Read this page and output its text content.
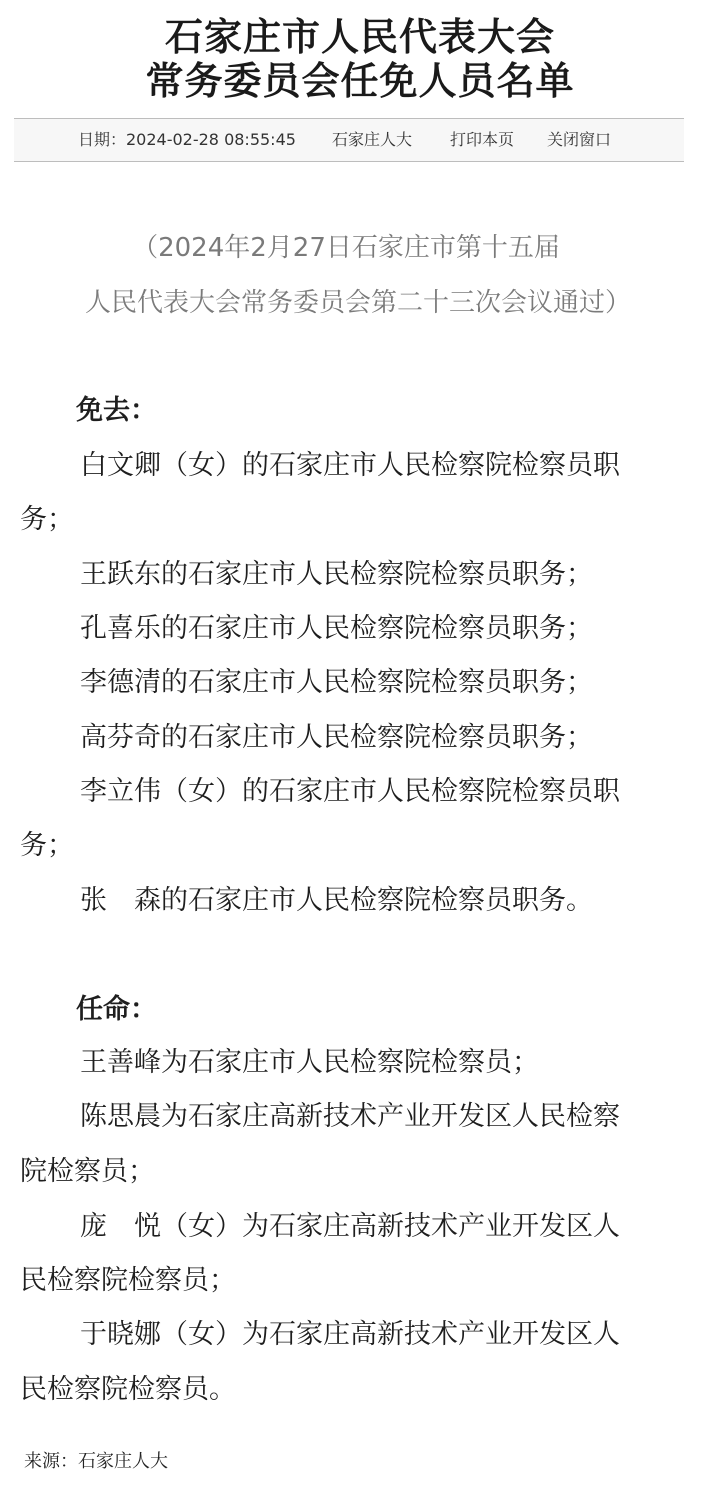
石家庄市人民代表大会
常务委员会任免人员名单
日期：2024-02-28 08:55:45 石家庄人大 打印本页 关闭窗口
（2024年2月27日石家庄市第十五届
人民代表大会常务委员会第二十三次会议通过）
免去：
白文卿（女）的石家庄市人民检察院检察员职
务；
王跃东的石家庄市人民检察院检察员职务；
孔喜乐的石家庄市人民检察院检察员职务；
李德清的石家庄市人民检察院检察员职务；
高芬奇的石家庄市人民检察院检察员职务；
李立伟（女）的石家庄市人民检察院检察员职
务；
张　森的石家庄市人民检察院检察员职务。
任命：
王善峰为石家庄市人民检察院检察员；
陈思晨为石家庄高新技术产业开发区人民检察
院检察员；
庞　悦（女）为石家庄高新技术产业开发区人
民检察院检察员；
于晓娜（女）为石家庄高新技术产业开发区人
民检察院检察员。
来源：石家庄人大
